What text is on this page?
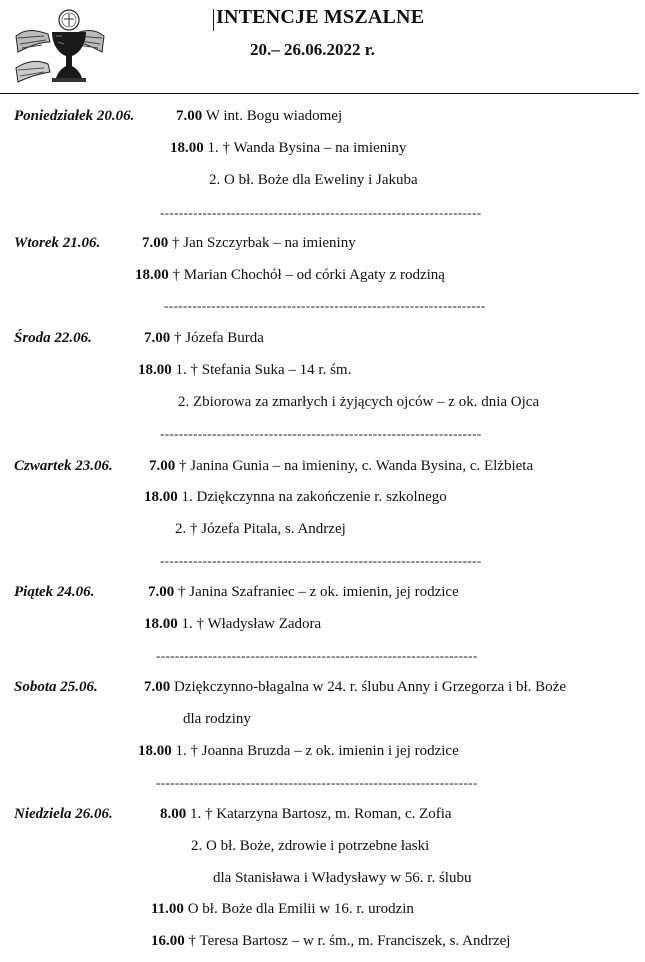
INTENCJE MSZALNE
20.– 26.06.2022 r.
Poniedziałek 20.06.	7.00 W int. Bogu wiadomej
18.00 1. † Wanda Bysina – na imieniny
2. O bł. Boże dla Eweliny i Jakuba
--------------------------------------------------------------------
Wtorek 21.06.	7.00 † Jan Szczyrbak – na imieniny
18.00 † Marian Chochół – od córki Agaty z rodziną
--------------------------------------------------------------------
Środa 22.06.	7.00 † Józefa Burda
18.00 1. † Stefania Suka – 14 r. śm.
2. Zbiorowa za zmarłych i żyjących ojców – z ok. dnia Ojca
--------------------------------------------------------------------
Czwartek 23.06. 7.00 † Janina Gunia – na imieniny, c. Wanda Bysina, c. Elżbieta
18.00 1. Dziękczynna na zakończenie r. szkolnego
2. † Józefa Pitala, s. Andrzej
--------------------------------------------------------------------
Piątek 24.06.	7.00 † Janina Szafraniec – z ok. imienin, jej rodzice
18.00 1. † Władysław Zadora
--------------------------------------------------------------------
Sobota 25.06.	7.00 Dziękczynno-błagalna w 24. r. ślubu Anny i Grzegorza i bł. Boże
dla rodziny
18.00 1. † Joanna Bruzda – z ok. imienin i jej rodzice
--------------------------------------------------------------------
Niedziela 26.06.	8.00 1. † Katarzyna Bartosz, m. Roman, c. Zofia
2. O bł. Boże, zdrowie i potrzebne łaski
dla Stanisława i Władysławy w 56. r. ślubu
11.00 O bł. Boże dla Emilii w 16. r. urodzin
16.00 † Teresa Bartosz – w r. śm., m. Franciszek, s. Andrzej
